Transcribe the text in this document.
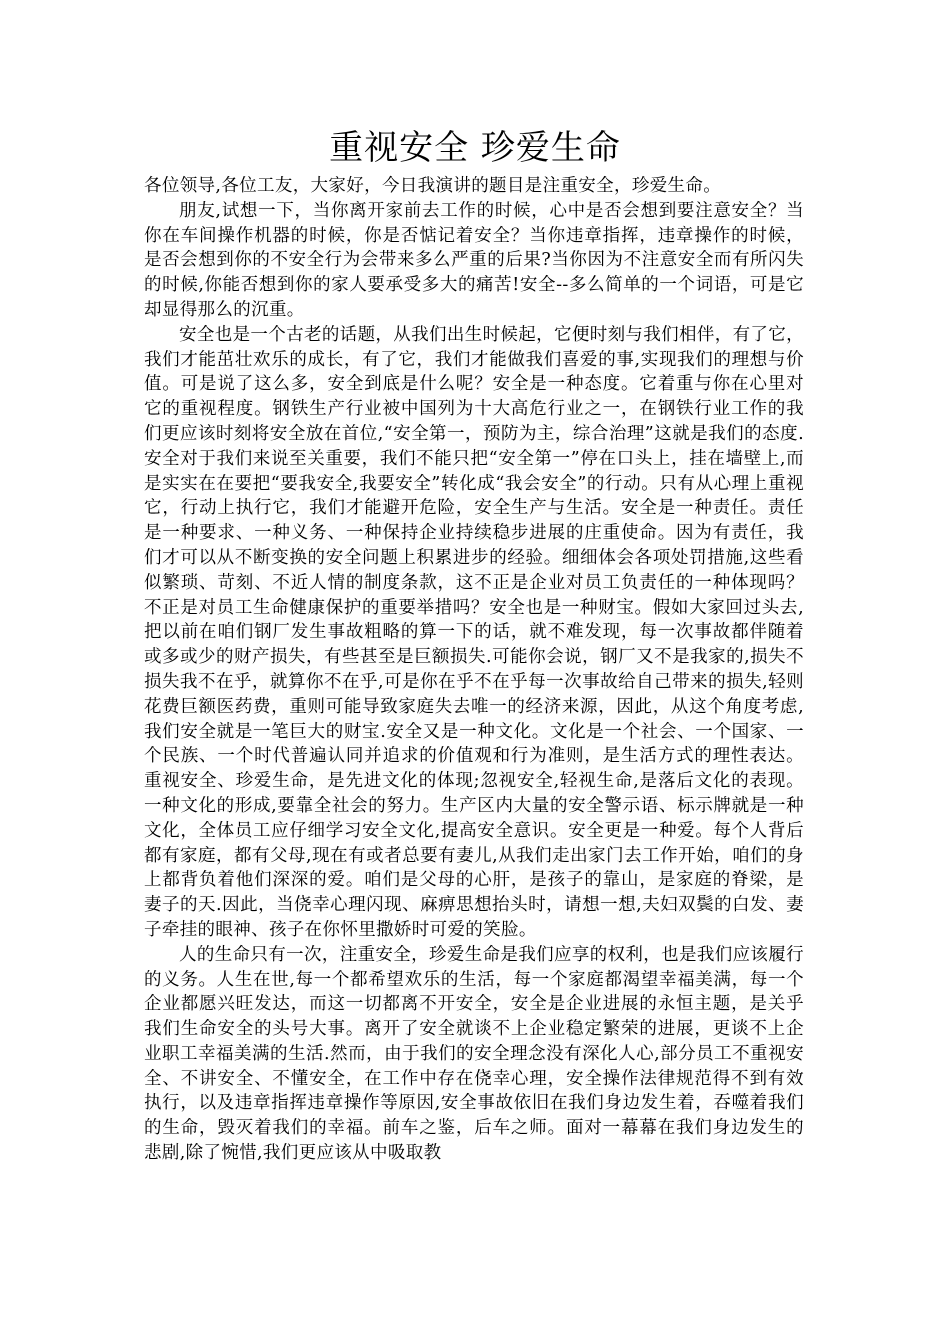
重视安全 珍爱生命

各位领导,各位工友，大家好，今日我演讲的题目是注重安全，珍爱生命。

朋友,试想一下，当你离开家前去工作的时候，心中是否会想到要注意安全？当你在车间操作机器的时候，你是否惦记着安全？当你违章指挥，违章操作的时候，是否会想到你的不安全行为会带来多么严重的后果?当你因为不注意安全而有所闪失的时候,你能否想到你的家人要承受多大的痛苦!安全--多么简单的一个词语，可是它却显得那么的沉重。

安全也是一个古老的话题，从我们出生时候起，它便时刻与我们相伴，有了它，我们才能茁壮欢乐的成长，有了它，我们才能做我们喜爱的事,实现我们的理想与价值。可是说了这么多，安全到底是什么呢？安全是一种态度。它着重与你在心里对它的重视程度。钢铁生产行业被中国列为十大高危行业之一，在钢铁行业工作的我们更应该时刻将安全放在首位,“安全第一，预防为主，综合治理”这就是我们的态度.安全对于我们来说至关重要，我们不能只把“安全第一”停在口头上，挂在墙壁上,而是实实在在要把“要我安全,我要安全”转化成“我会安全”的行动。只有从心理上重视它，行动上执行它，我们才能避开危险，安全生产与生活。安全是一种责任。责任是一种要求、一种义务、一种保持企业持续稳步进展的庄重使命。因为有责任，我们才可以从不断变换的安全问题上积累进步的经验。细细体会各项处罚措施,这些看似繁琐、苛刻、不近人情的制度条款，这不正是企业对员工负责任的一种体现吗？不正是对员工生命健康保护的重要举措吗？安全也是一种财宝。假如大家回过头去,把以前在咱们钢厂发生事故粗略的算一下的话，就不难发现，每一次事故都伴随着或多或少的财产损失，有些甚至是巨额损失.可能你会说，钢厂又不是我家的,损失不损失我不在乎，就算你不在乎,可是你在乎不在乎每一次事故给自己带来的损失,轻则花费巨额医药费，重则可能导致家庭失去唯一的经济来源，因此，从这个角度考虑,我们安全就是一笔巨大的财宝.安全又是一种文化。文化是一个社会、一个国家、一个民族、一个时代普遍认同并追求的价值观和行为准则，是生活方式的理性表达。重视安全、珍爱生命，是先进文化的体现;忽视安全,轻视生命,是落后文化的表现。一种文化的形成,要靠全社会的努力。生产区内大量的安全警示语、标示牌就是一种文化，全体员工应仔细学习安全文化,提高安全意识。安全更是一种爱。每个人背后都有家庭，都有父母,现在有或者总要有妻儿,从我们走出家门去工作开始，咱们的身上都背负着他们深深的爱。咱们是父母的心肝，是孩子的靠山，是家庭的脊梁，是妻子的天.因此，当侥幸心理闪现、麻痹思想抬头时，请想一想,夫妇双鬓的白发、妻子牵挂的眼神、孩子在你怀里撒娇时可爱的笑脸。

人的生命只有一次，注重安全，珍爱生命是我们应享的权利，也是我们应该履行的义务。人生在世,每一个都希望欢乐的生活，每一个家庭都渴望幸福美满，每一个企业都愿兴旺发达，而这一切都离不开安全，安全是企业进展的永恒主题，是关乎我们生命安全的头号大事。离开了安全就谈不上企业稳定繁荣的进展，更谈不上企业职工幸福美满的生活.然而，由于我们的安全理念没有深化人心,部分员工不重视安全、不讲安全、不懂安全，在工作中存在侥幸心理，安全操作法律规范得不到有效执行，以及违章指挥违章操作等原因,安全事故依旧在我们身边发生着，吞噬着我们的生命，毁灭着我们的幸福。前车之鉴，后车之师。面对一幕幕在我们身边发生的悲剧,除了惋惜,我们更应该从中吸取教
